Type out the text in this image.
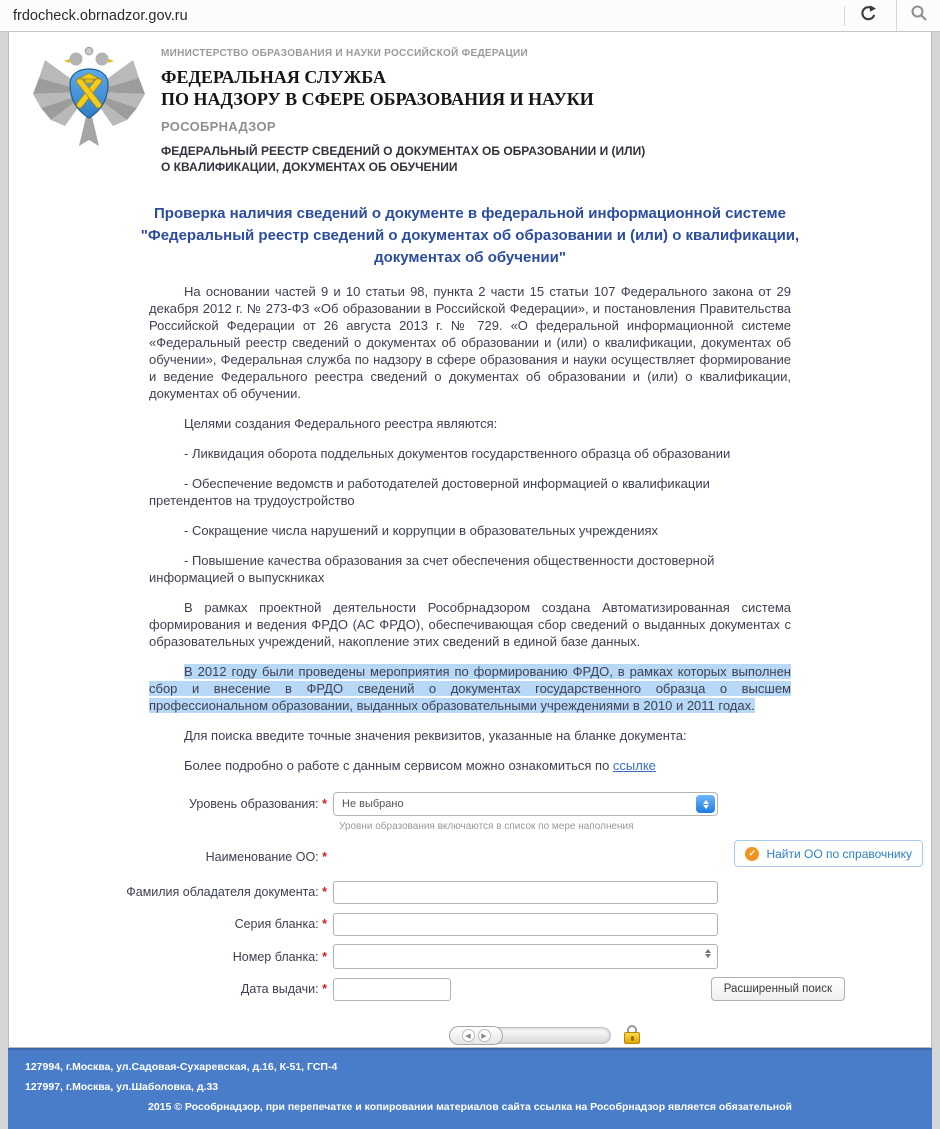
frdocheck.obrnadzor.gov.ru
МИНИСТЕРСТВО ОБРАЗОВАНИЯ И НАУКИ РОССИЙСКОЙ ФЕДЕРАЦИИ
ФЕДЕРАЛЬНАЯ СЛУЖБА
ПО НАДЗОРУ В СФЕРЕ ОБРАЗОВАНИЯ И НАУКИ
РОСОБРНАДЗОР
ФЕДЕРАЛЬНЫЙ РЕЕСТР СВЕДЕНИЙ О ДОКУМЕНТАХ ОБ ОБРАЗОВАНИИ И (ИЛИ)
О КВАЛИФИКАЦИИ, ДОКУМЕНТАХ ОБ ОБУЧЕНИИ
Проверка наличия сведений о документе в федеральной информационной системе "Федеральный реестр сведений о документах об образовании и (или) о квалификации, документах об обучении"

На основании частей 9 и 10 статьи 98, пункта 2 части 15 статьи 107 Федерального закона от 29 декабря 2012 г. № 273-ФЗ «Об образовании в Российской Федерации», и постановления Правительства Российской Федерации от 26 августа 2013 г. № 729. «О федеральной информационной системе «Федеральный реестр сведений о документах об образовании и (или) о квалификации, документах об обучении», Федеральная служба по надзору в сфере образования и науки осуществляет формирование и ведение Федерального реестра сведений о документах об образовании и (или) о квалификации, документах об обучении.

Целями создания Федерального реестра являются:

- Ликвидация оборота поддельных документов государственного образца об образовании

- Обеспечение ведомств и работодателей достоверной информацией о квалификации претендентов на трудоустройство

- Сокращение числа нарушений и коррупции в образовательных учреждениях

- Повышение качества образования за счет обеспечения общественности достоверной информацией о выпускниках

В рамках проектной деятельности Рособрнадзором создана Автоматизированная система формирования и ведения ФРДО (АС ФРДО), обеспечивающая сбор сведений о выданных документах с образовательных учреждений, накопление этих сведений в единой базе данных.

В 2012 году были проведены мероприятия по формированию ФРДО, в рамках которых выполнен сбор и внесение в ФРДО сведений о документах государственного образца о высшем профессиональном образовании, выданных образовательными учреждениями в 2010 и 2011 годах.

Для поиска введите точные значения реквизитов, указанные на бланке документа:

Более подробно о работе с данным сервисом можно ознакомиться по ссылке

Уровень образования: *	Не выбрано
Уровни образования включаются в список по мере наполнения
Наименование ОО: *	✓ Найти ОО по справочнику
Фамилия обладателя документа: *
Серия бланка: *
Номер бланка: *
Дата выдачи: *	Расширенный поиск
◀	▶
127994, г.Москва, ул.Садовая-Сухаревская, д.16, К-51, ГСП-4
127997, г.Москва, ул.Шаболовка, д.33
2015 © Рособрнадзор, при перепечатке и копировании материалов сайта ссылка на Рособрнадзор является обязательной
